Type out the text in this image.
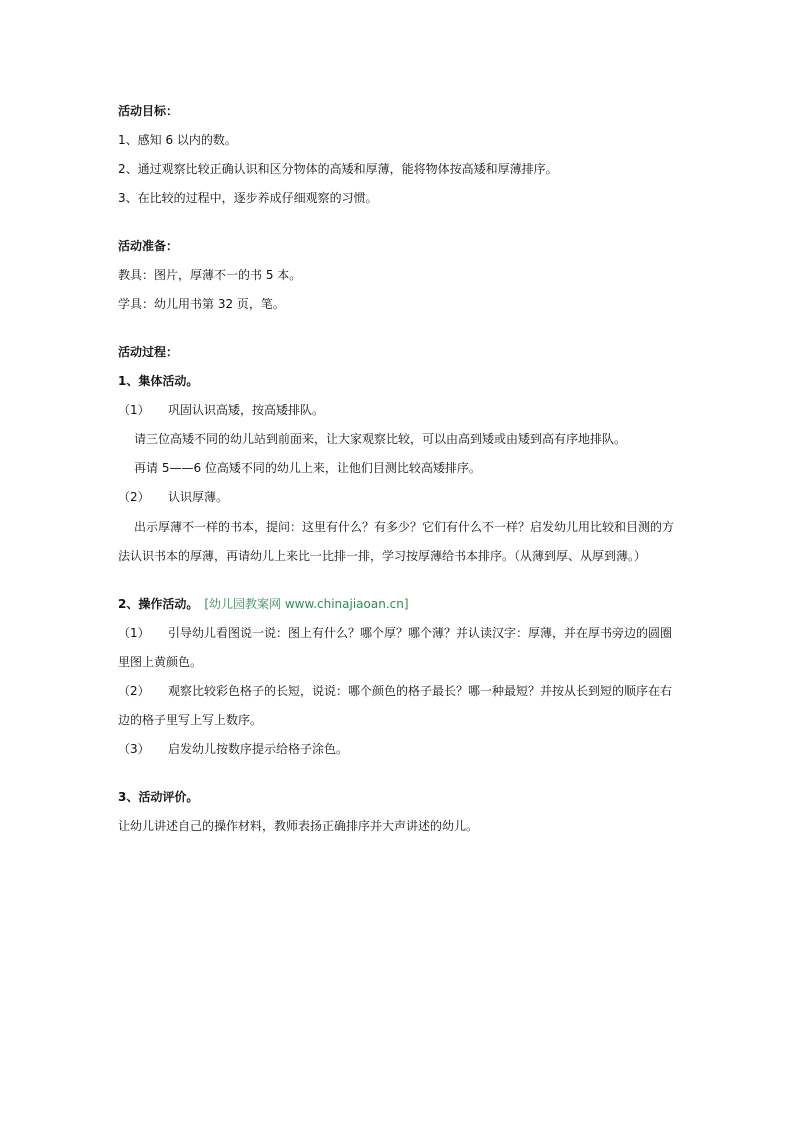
活动目标：
1、感知 6 以内的数。
2、通过观察比较正确认识和区分物体的高矮和厚薄，能将物体按高矮和厚薄排序。
3、在比较的过程中，逐步养成仔细观察的习惯。
活动准备：
教具：图片，厚薄不一的书 5 本。
学具：幼儿用书第 32 页，笔。
活动过程：
1、集体活动。
（1） 巩固认识高矮，按高矮排队。
请三位高矮不同的幼儿站到前面来，让大家观察比较，可以由高到矮或由矮到高有序地排队。
再请 5——6 位高矮不同的幼儿上来，让他们目测比较高矮排序。
（2） 认识厚薄。
出示厚薄不一样的书本，提问：这里有什么？有多少？它们有什么不一样？启发幼儿用比较和目测的方
法认识书本的厚薄，再请幼儿上来比一比排一排，学习按厚薄给书本排序。（从薄到厚、从厚到薄。）
2、操作活动。 [幼儿园教案网 www.chinajiaoan.cn]
（1） 引导幼儿看图说一说：图上有什么？哪个厚？哪个薄？并认读汉字：厚薄，并在厚书旁边的圆圈
里图上黄颜色。
（2） 观察比较彩色格子的长短，说说：哪个颜色的格子最长？哪一种最短？并按从长到短的顺序在右
边的格子里写上写上数序。
（3） 启发幼儿按数序提示给格子涂色。
3、活动评价。
让幼儿讲述自己的操作材料，教师表扬正确排序并大声讲述的幼儿。
